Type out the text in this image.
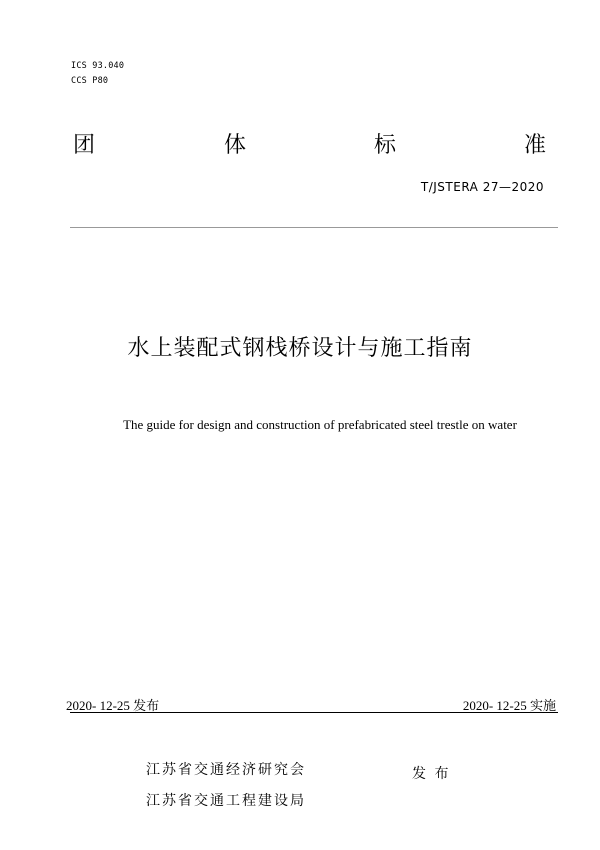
ICS 93.040
CCS P80
团	体	标	准
T/JSTERA 27—2020
水上装配式钢栈桥设计与施工指南
The guide for design and construction of prefabricated steel trestle on water
2020- 12-25 发布	2020- 12-25 实施
江苏省交通经济研究会
江苏省交通工程建设局
发 布
